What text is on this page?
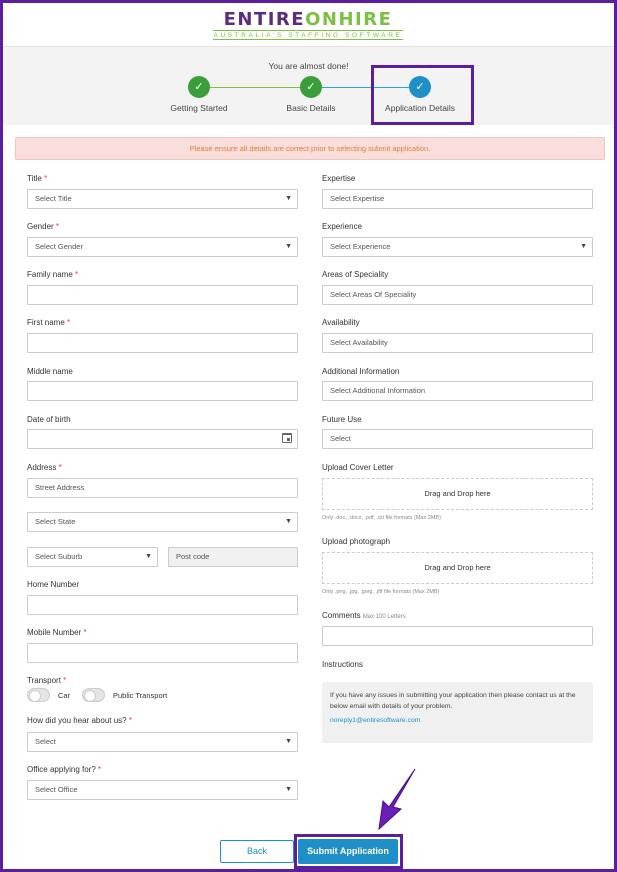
ENTIREONHIRE
AUSTRALIA'S STAFFING SOFTWARE
You are almost done!
✓	✓	✓
Getting Started	Basic Details	Application Details
Please ensure all details are correct prior to selecting submit application.
Title *
Select Title	▼
Gender *
Select Gender	▼
Family name *
First name *
Middle name
Date of birth
Address *
Street Address
Select State	▼
Select Suburb	▼	Post code
Home Number
Mobile Number *
Transport *
Car	Public Transport
How did you hear about us? *
Select	▼
Office applying for? *
Select Office	▼
Expertise
Select Expertise
Experience
Select Experience	▼
Areas of Speciality
Select Areas Of Speciality
Availability
Select Availability
Additional Information
Select Additional Information
Future Use
Select
Upload Cover Letter
Drag and Drop here
Only .doc, .docx, .pdf, .txt file formats (Max 2MB)
Upload photograph
Drag and Drop here
Only .png, .jpg, .jpeg, .jfif file formats (Max 2MB)
Comments Max 100 Letters
Instructions
If you have any issues in submitting your application then please contact us at the below email with details of your problem.
noreply1@entiresoftware.com
Back	Submit Application
